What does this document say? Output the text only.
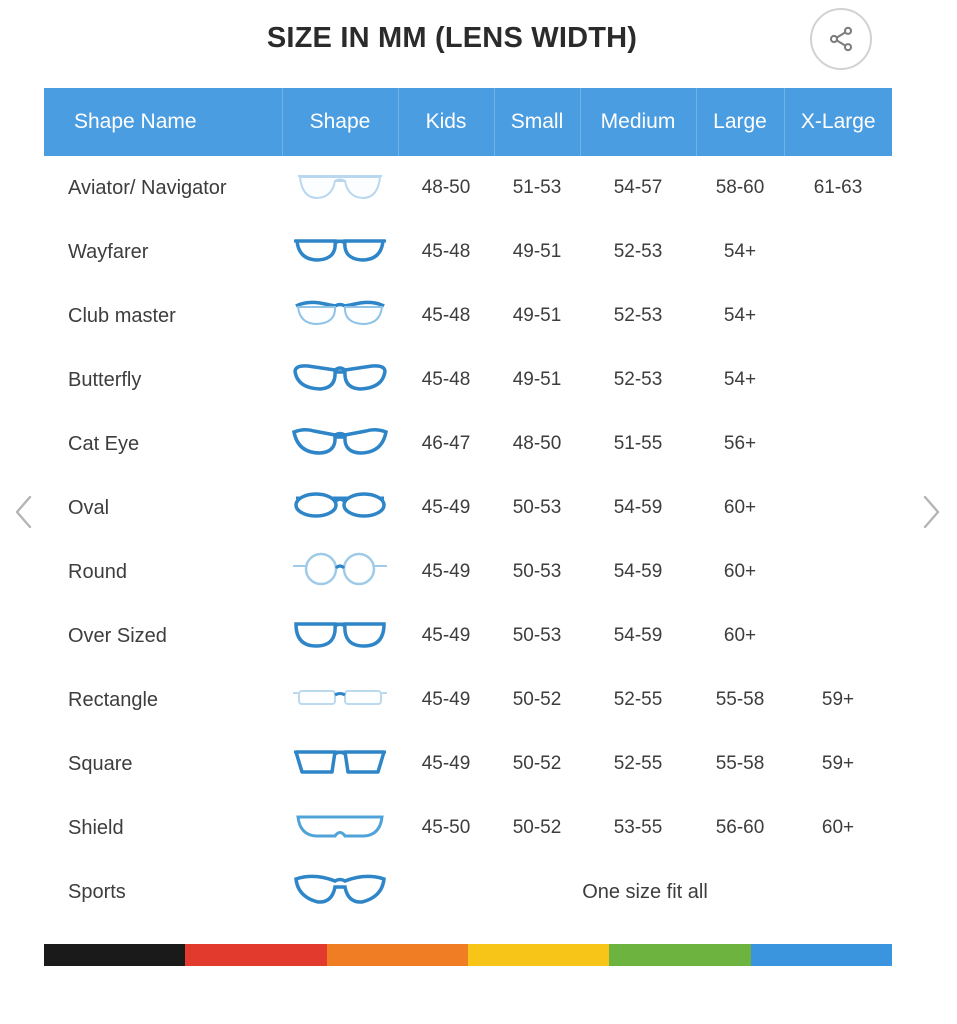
SIZE IN MM (LENS WIDTH)
Shape Name	Shape	Kids	Small	Medium	Large	X-Large
Aviator/ Navigator		48-50	51-53	54-57	58-60	61-63
Wayfarer		45-48	49-51	52-53	54+	
Club master		45-48	49-51	52-53	54+	
Butterfly		45-48	49-51	52-53	54+	
Cat Eye		46-47	48-50	51-55	56+	
Oval		45-49	50-53	54-59	60+	
Round		45-49	50-53	54-59	60+	
Over Sized		45-49	50-53	54-59	60+	
Rectangle		45-49	50-52	52-55	55-58	59+
Square		45-49	50-52	52-55	55-58	59+
Shield		45-50	50-52	53-55	56-60	60+
Sports		One size fit all				
